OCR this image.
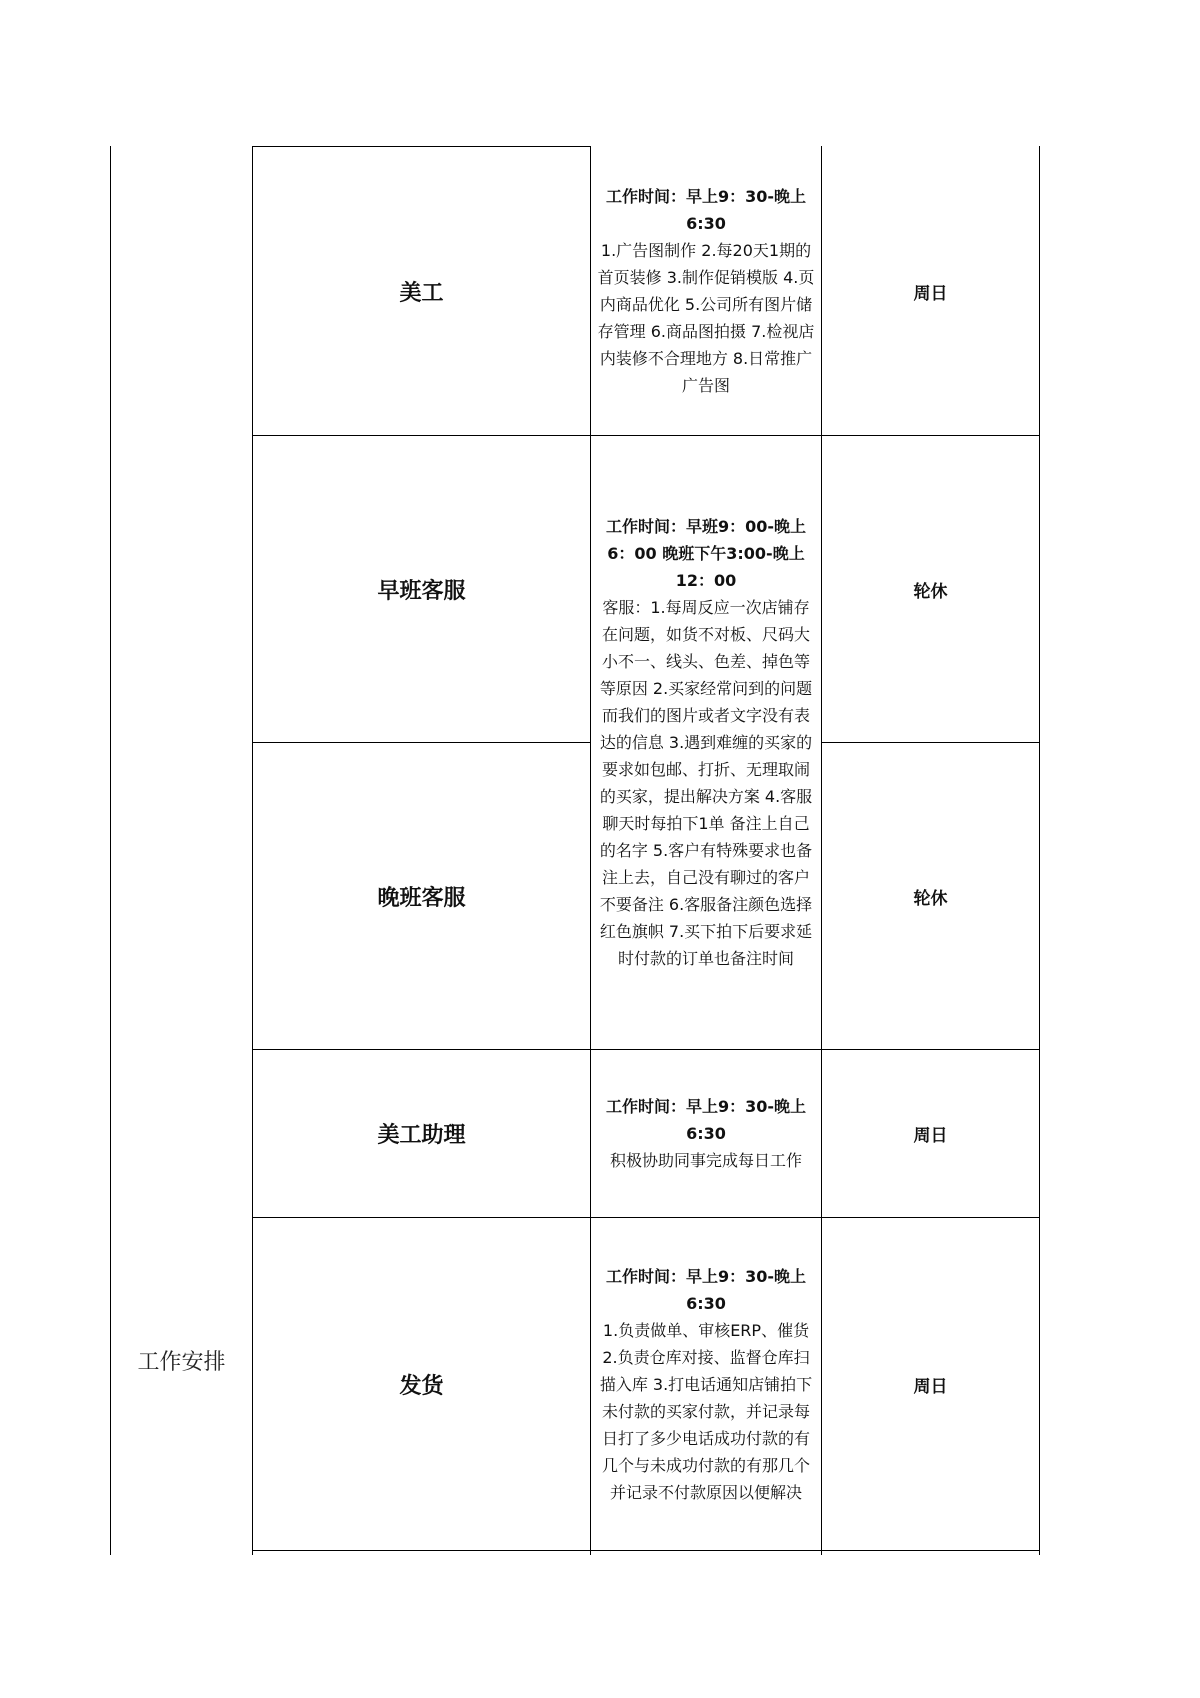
工作安排
美工
工作时间：早上9：30-晚上6:30
1.广告图制作 2.每20天1期的首页装修 3.制作促销模版 4.页内商品优化 5.公司所有图片储存管理 6.商品图拍摄 7.检视店内装修不合理地方 8.日常推广广告图
周日
早班客服	轮休
工作时间：早班9：00-晚上6：00 晚班下午3:00-晚上12：00
客服：1.每周反应一次店铺存在问题，如货不对板、尺码大小不一、线头、色差、掉色等等原因 2.买家经常问到的问题而我们的图片或者文字没有表达的信息 3.遇到难缠的买家的要求如包邮、打折、无理取闹的买家，提出解决方案 4.客服聊天时每拍下1单 备注上自己的名字 5.客户有特殊要求也备注上去，自己没有聊过的客户不要备注 6.客服备注颜色选择红色旗帜 7.买下拍下后要求延时付款的订单也备注时间
晚班客服	轮休
美工助理
工作时间：早上9：30-晚上6:30
积极协助同事完成每日工作
周日
发货
工作时间：早上9：30-晚上6:30
1.负责做单、审核ERP、催货 2.负责仓库对接、监督仓库扫描入库 3.打电话通知店铺拍下未付款的买家付款，并记录每日打了多少电话成功付款的有几个与未成功付款的有那几个并记录不付款原因以便解决
周日
